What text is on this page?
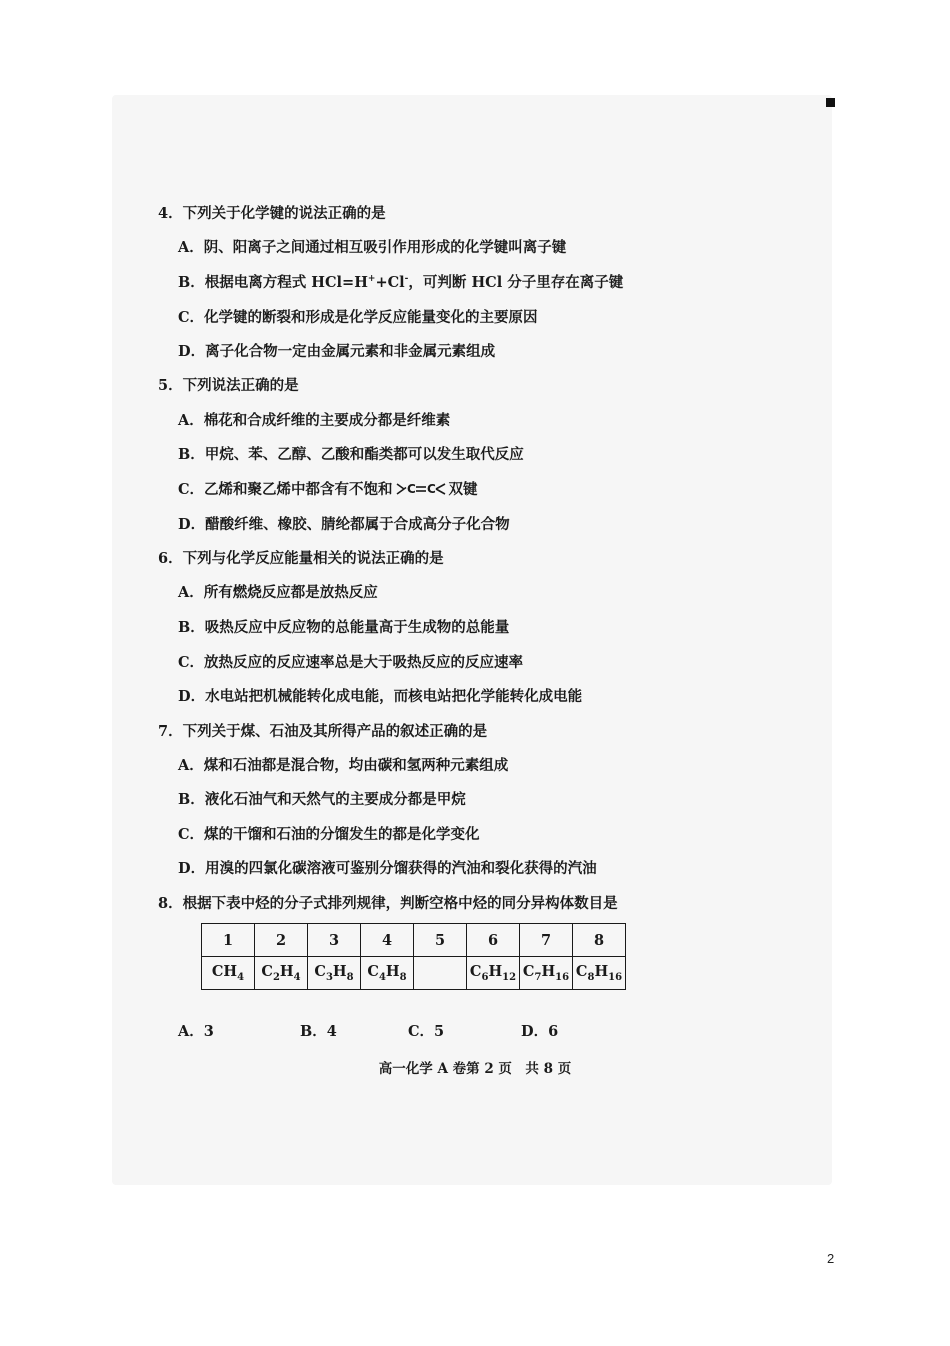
4．下列关于化学键的说法正确的是
A．阴、阳离子之间通过相互吸引作用形成的化学键叫离子键
B．根据电离方程式 HCl=H++Cl-，可判断 HCl 分子里存在离子键
C．化学键的断裂和形成是化学反应能量变化的主要原因
D．离子化合物一定由金属元素和非金属元素组成
5．下列说法正确的是
A．棉花和合成纤维的主要成分都是纤维素
B．甲烷、苯、乙醇、乙酸和酯类都可以发生取代反应
C．乙烯和聚乙烯中都含有不饱和 C C 双键
D．醋酸纤维、橡胶、腈纶都属于合成高分子化合物
6．下列与化学反应能量相关的说法正确的是
A．所有燃烧反应都是放热反应
B．吸热反应中反应物的总能量高于生成物的总能量
C．放热反应的反应速率总是大于吸热反应的反应速率
D．水电站把机械能转化成电能，而核电站把化学能转化成电能
7．下列关于煤、石油及其所得产品的叙述正确的是
A．煤和石油都是混合物，均由碳和氢两种元素组成
B．液化石油气和天然气的主要成分都是甲烷
C．煤的干馏和石油的分馏发生的都是化学变化
D．用溴的四氯化碳溶液可鉴别分馏获得的汽油和裂化获得的汽油
8．根据下表中烃的分子式排列规律，判断空格中烃的同分异构体数目是
1	2	3	4	5	6	7	8
$CH_4$	$C_2H_4$	$C_3H_8$	$C_4H_8$		$C_6H_{12}$	$C_7H_{16}$	$C_8H_{16}$
A．3	B．4	C．5	D．6
高一化学 A 卷第 2 页　共 8 页
2
